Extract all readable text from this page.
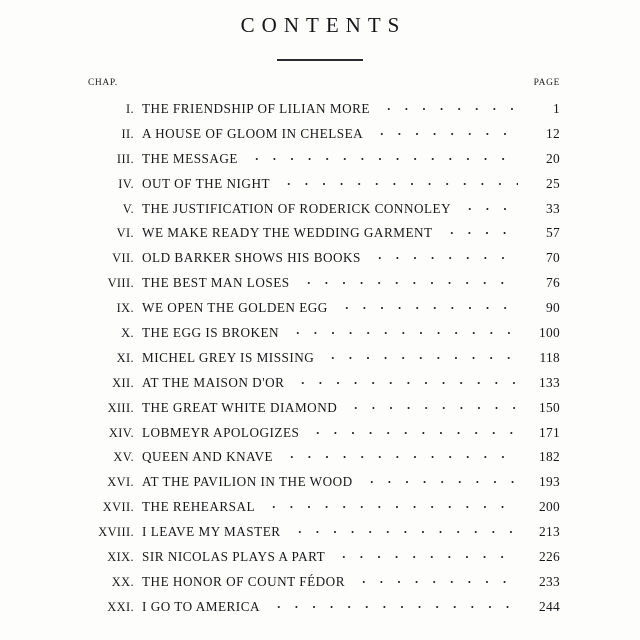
CONTENTS
CHAP.	PAGE
I. THE FRIENDSHIP OF LILIAN MORE	1
II. A HOUSE OF GLOOM IN CHELSEA	12
III. THE MESSAGE	20
IV. OUT OF THE NIGHT	25
V. THE JUSTIFICATION OF RODERICK CONNOLEY	33
VI. WE MAKE READY THE WEDDING GARMENT	57
VII. OLD BARKER SHOWS HIS BOOKS	70
VIII. THE BEST MAN LOSES	76
IX. WE OPEN THE GOLDEN EGG	90
X. THE EGG IS BROKEN	100
XI. MICHEL GREY IS MISSING	118
XII. AT THE MAISON D'OR	133
XIII. THE GREAT WHITE DIAMOND	150
XIV. LOBMEYR APOLOGIZES	171
XV. QUEEN AND KNAVE	182
XVI. AT THE PAVILION IN THE WOOD	193
XVII. THE REHEARSAL	200
XVIII. I LEAVE MY MASTER	213
XIX. SIR NICOLAS PLAYS A PART	226
XX. THE HONOR OF COUNT FÉDOR	233
XXI. I GO TO AMERICA	244
